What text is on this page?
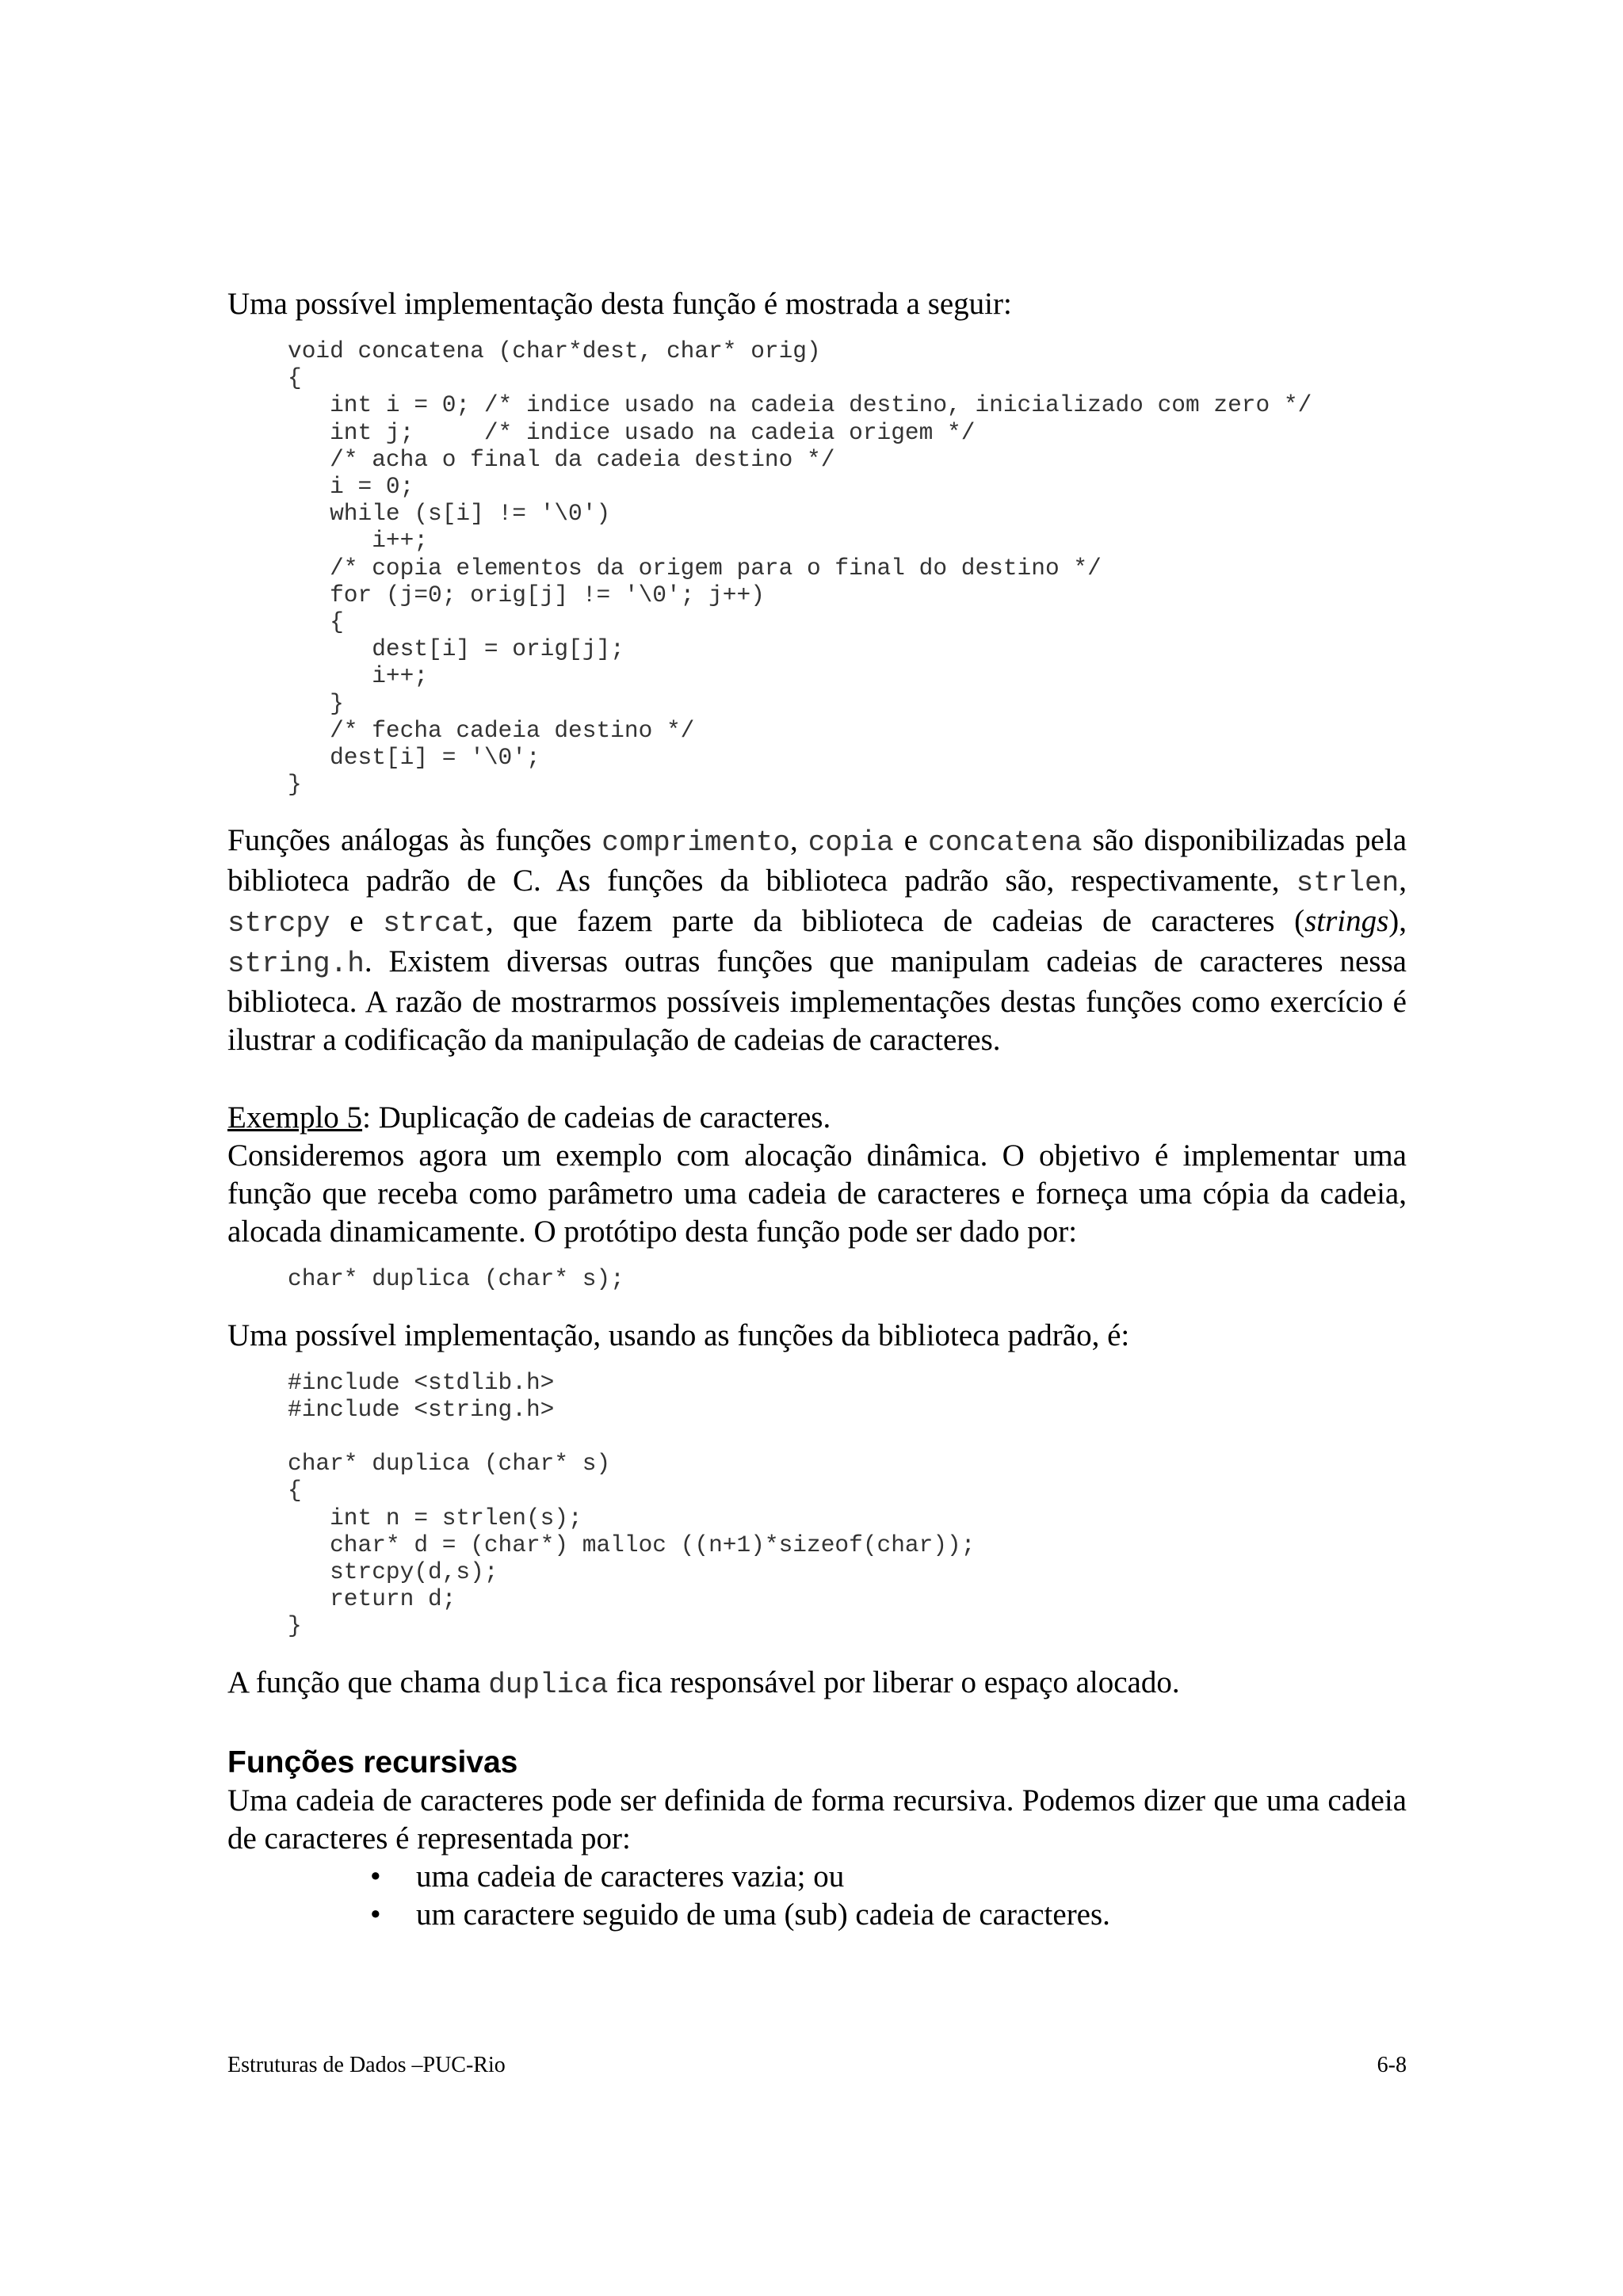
Uma possível implementação desta função é mostrada a seguir:

void concatena (char*dest, char* orig)
{
int i = 0; /* indice usado na cadeia destino, inicializado com zero */
int j;     /* indice usado na cadeia origem */
/* acha o final da cadeia destino */
i = 0;
while (s[i] != '\0')
i++;
/* copia elementos da origem para o final do destino */
for (j=0; orig[j] != '\0'; j++)
{
dest[i] = orig[j];
i++;
}
/* fecha cadeia destino */
dest[i] = '\0';
}

Funções análogas às funções comprimento, copia e concatena são disponibilizadas pela biblioteca padrão de C. As funções da biblioteca padrão são, respectivamente, strlen, strcpy e strcat, que fazem parte da biblioteca de cadeias de caracteres (strings), string.h. Existem diversas outras funções que manipulam cadeias de caracteres nessa biblioteca. A razão de mostrarmos possíveis implementações destas funções como exercício é ilustrar a codificação da manipulação de cadeias de caracteres.

Exemplo 5: Duplicação de cadeias de caracteres.

Consideremos agora um exemplo com alocação dinâmica. O objetivo é implementar uma função que receba como parâmetro uma cadeia de caracteres e forneça uma cópia da cadeia, alocada dinamicamente. O protótipo desta função pode ser dado por:

char* duplica (char* s);

Uma possível implementação, usando as funções da biblioteca padrão, é:

#include <stdlib.h>
#include <string.h>

char* duplica (char* s)
{
int n = strlen(s);
char* d = (char*) malloc ((n+1)*sizeof(char));
strcpy(d,s);
return d;
}

A função que chama duplica fica responsável por liberar o espaço alocado.

Funções recursivas

Uma cadeia de caracteres pode ser definida de forma recursiva. Podemos dizer que uma cadeia de caracteres é representada por:

• uma cadeia de caracteres vazia; ou
• um caractere seguido de uma (sub) cadeia de caracteres.
Estruturas de Dados –PUC-Rio	6-8
